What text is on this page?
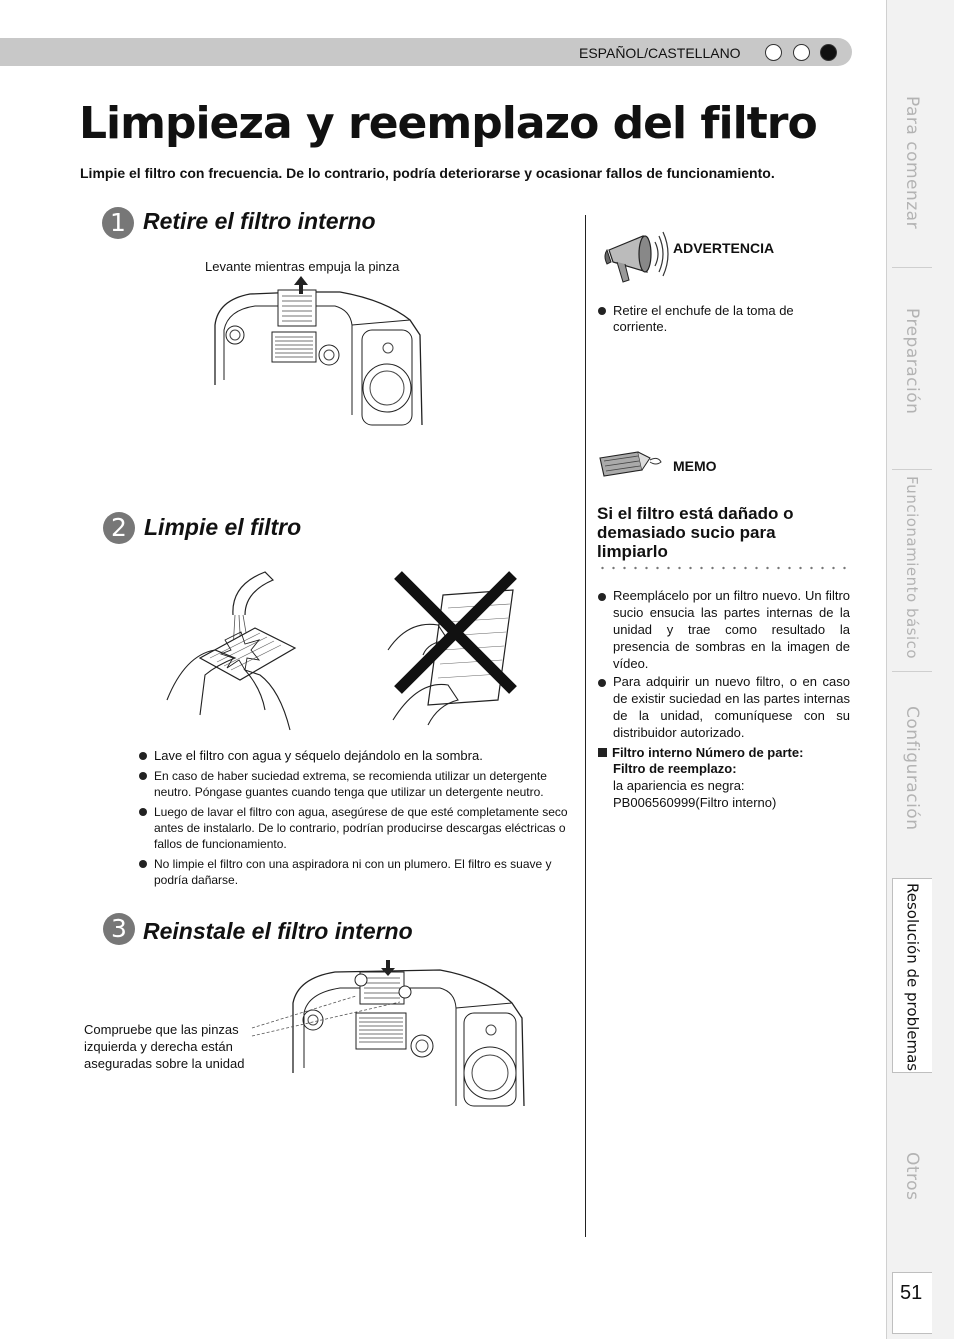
ESPAÑOL/CASTELLANO
Para comenzar
Preparación
Funcionamiento básico
Configuración
Resolución de problemas
Otros
51
Limpieza y reemplazo del filtro
Limpie el filtro con frecuencia. De lo contrario, podría deteriorarse y ocasionar fallos de funcionamiento.
1 Retire el filtro interno
Levante mientras empuja la pinza
2 Limpie el filtro
Lave el filtro con agua y séquelo dejándolo en la sombra.
En caso de haber suciedad extrema, se recomienda utilizar un detergente neutro. Póngase guantes cuando tenga que utilizar un detergente neutro.
Luego de lavar el filtro con agua, asegúrese de que esté completamente seco antes de instalarlo. De lo contrario, podrían producirse descargas eléctricas o fallos de funcionamiento.
No limpie el filtro con una aspiradora ni con un plumero. El filtro es suave y podría dañarse.
3 Reinstale el filtro interno
Compruebe que las pinzas izquierda y derecha están aseguradas sobre la unidad
ADVERTENCIA
Retire el enchufe de la toma de corriente.
MEMO
Si el filtro está dañado o demasiado sucio para limpiarlo
Reemplácelo por un filtro nuevo. Un filtro sucio ensucia las partes internas de la unidad y trae como resultado la presencia de sombras en la imagen de vídeo.
Para adquirir un nuevo filtro, o en caso de existir suciedad en las partes internas de la unidad, comuníquese con su distribuidor autorizado.
Filtro interno Número de parte:
Filtro de reemplazo:
la apariencia es negra:
PB006560999(Filtro interno)
